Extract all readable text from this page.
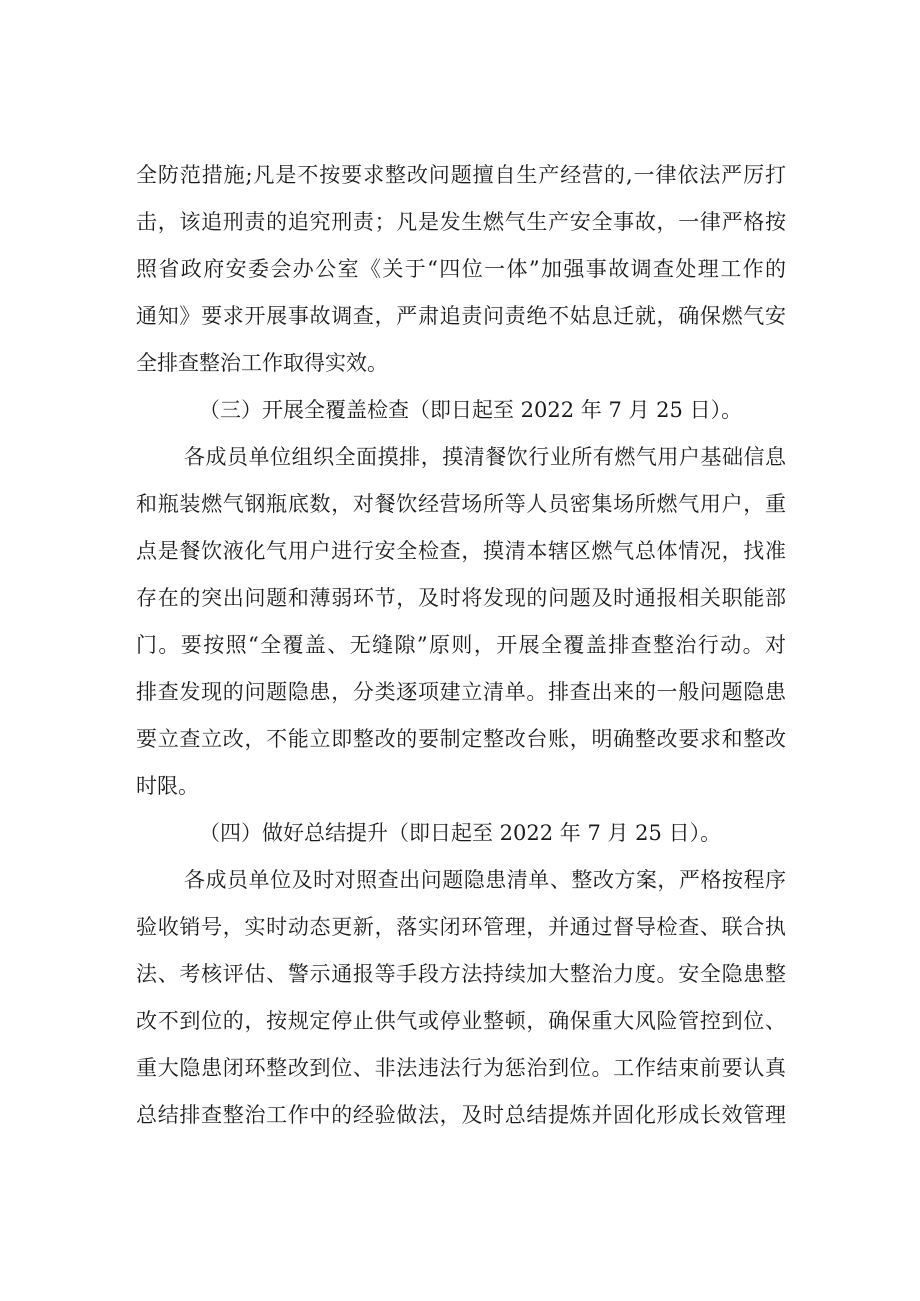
全防范措施;凡是不按要求整改问题擅自生产经营的,一律依法严厉打
击，该追刑责的追究刑责；凡是发生燃气生产安全事故，一律严格按
照省政府安委会办公室《关于“四位一体”加强事故调查处理工作的
通知》要求开展事故调查，严肃追责问责绝不姑息迁就，确保燃气安
全排查整治工作取得实效。
（三）开展全覆盖检查（即日起至 2022 年 7 月 25 日）。
各成员单位组织全面摸排，摸清餐饮行业所有燃气用户基础信息
和瓶装燃气钢瓶底数，对餐饮经营场所等人员密集场所燃气用户，重
点是餐饮液化气用户进行安全检查，摸清本辖区燃气总体情况，找准
存在的突出问题和薄弱环节，及时将发现的问题及时通报相关职能部
门。要按照“全覆盖、无缝隙”原则，开展全覆盖排查整治行动。对
排查发现的问题隐患，分类逐项建立清单。排查出来的一般问题隐患
要立查立改，不能立即整改的要制定整改台账，明确整改要求和整改
时限。
（四）做好总结提升（即日起至 2022 年 7 月 25 日）。
各成员单位及时对照查出问题隐患清单、整改方案，严格按程序
验收销号，实时动态更新，落实闭环管理，并通过督导检查、联合执
法、考核评估、警示通报等手段方法持续加大整治力度。安全隐患整
改不到位的，按规定停止供气或停业整顿，确保重大风险管控到位、
重大隐患闭环整改到位、非法违法行为惩治到位。工作结束前要认真
总结排查整治工作中的经验做法，及时总结提炼并固化形成长效管理
